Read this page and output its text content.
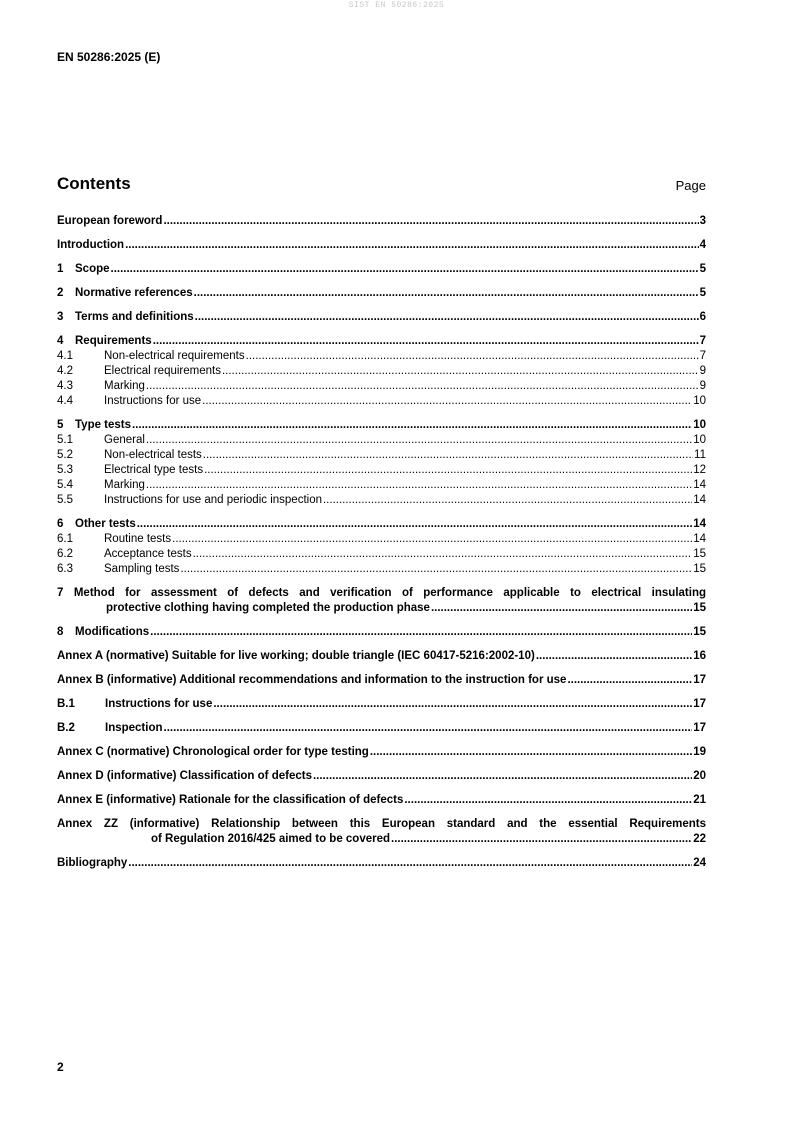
SIST EN 50286:2025
EN 50286:2025 (E)
Contents	Page
European foreword .....	3
Introduction .....	4
1	Scope .....	5
2	Normative references .....	5
3	Terms and definitions .....	6
4	Requirements .....	7
4.1	Non-electrical requirements .....	7
4.2	Electrical requirements .....	9
4.3	Marking .....	9
4.4	Instructions for use .....	10
5	Type tests .....	10
5.1	General .....	10
5.2	Non-electrical tests .....	11
5.3	Electrical type tests .....	12
5.4	Marking .....	14
5.5	Instructions for use and periodic inspection .....	14
6	Other tests .....	14
6.1	Routine tests .....	14
6.2	Acceptance tests .....	15
6.3	Sampling tests .....	15
7 Method for assessment of defects and verification of performance applicable to electrical insulating
protective clothing having completed the production phase .....	15
8	Modifications .....	15
Annex A (normative) Suitable for live working; double triangle (IEC 60417-5216:2002-10) .....	16
Annex B (informative) Additional recommendations and information to the instruction for use .....	17
B.1	Instructions for use .....	17
B.2	Inspection .....	17
Annex C (normative) Chronological order for type testing .....	19
Annex D (informative) Classification of defects .....	20
Annex E (informative) Rationale for the classification of defects .....	21
Annex ZZ (informative) Relationship between this European standard and the essential Requirements
of Regulation 2016/425 aimed to be covered .....	22
Bibliography .....	24
2
